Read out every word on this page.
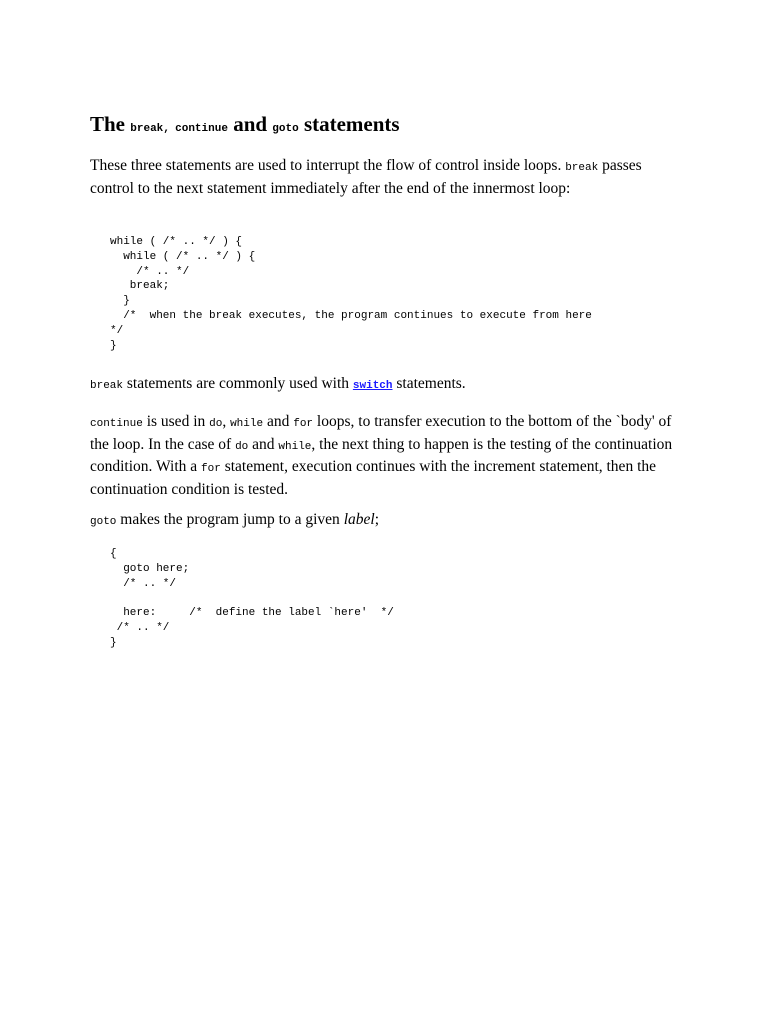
The break, continue and goto statements

These three statements are used to interrupt the flow of control inside loops. break passes control to the next statement immediately after the end of the innermost loop:

while ( /* .. */ ) {
while ( /* .. */ ) {
/* .. */
break;
}
/*  when the break executes, the program continues to execute from here
*/
}

break statements are commonly used with switch statements.

continue is used in do, while and for loops, to transfer execution to the bottom of the `body' of the loop. In the case of do and while, the next thing to happen is the testing of the continuation condition. With a for statement, execution continues with the increment statement, then the continuation condition is tested.

goto makes the program jump to a given label;

{
goto here;
/* .. */

here:     /*  define the label `here'  */
/* .. */
}
